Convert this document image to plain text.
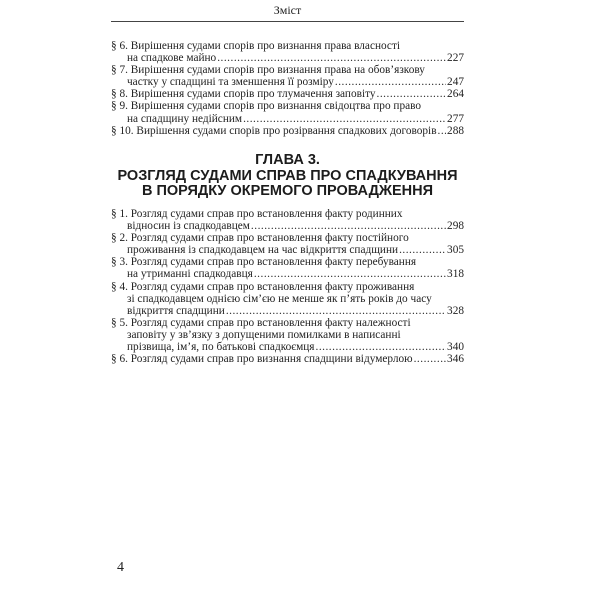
Зміст
§ 6. Вирішення судами спорів про визнання права власності
на спадкове майно .....	227
§ 7. Вирішення судами спорів про визнання права на обов’язкову
частку у спадщині та зменшення її розміру .....	247
§ 8. Вирішення судами спорів про тлумачення заповіту .....	264
§ 9. Вирішення судами спорів про визнання свідоцтва про право
на спадщину недійсним .....	277
§ 10. Вирішення судами спорів про розірвання спадкових договорів ..... 288
ГЛАВА 3.
РОЗГЛЯД СУДАМИ СПРАВ ПРО СПАДКУВАННЯ
В ПОРЯДКУ ОКРЕМОГО ПРОВАДЖЕННЯ
§ 1. Розгляд судами справ про встановлення факту родинних
відносин із спадкодавцем .....	298
§ 2. Розгляд судами справ про встановлення факту постійного
проживання із спадкодавцем на час відкриття спадщини .....	305
§ 3. Розгляд судами справ про встановлення факту перебування
на утриманні спадкодавця .....	318
§ 4. Розгляд судами справ про встановлення факту проживання
зі спадкодавцем однією сім’єю не менше як п’ять років до часу
відкриття спадщини .....	328
§ 5. Розгляд судами справ про встановлення факту належності
заповіту у зв’язку з допущеними помилками в написанні
прізвища, ім’я, по батькові спадкоємця .....	340
§ 6. Розгляд судами справ про визнання спадщини відумерлою .....	346
4
